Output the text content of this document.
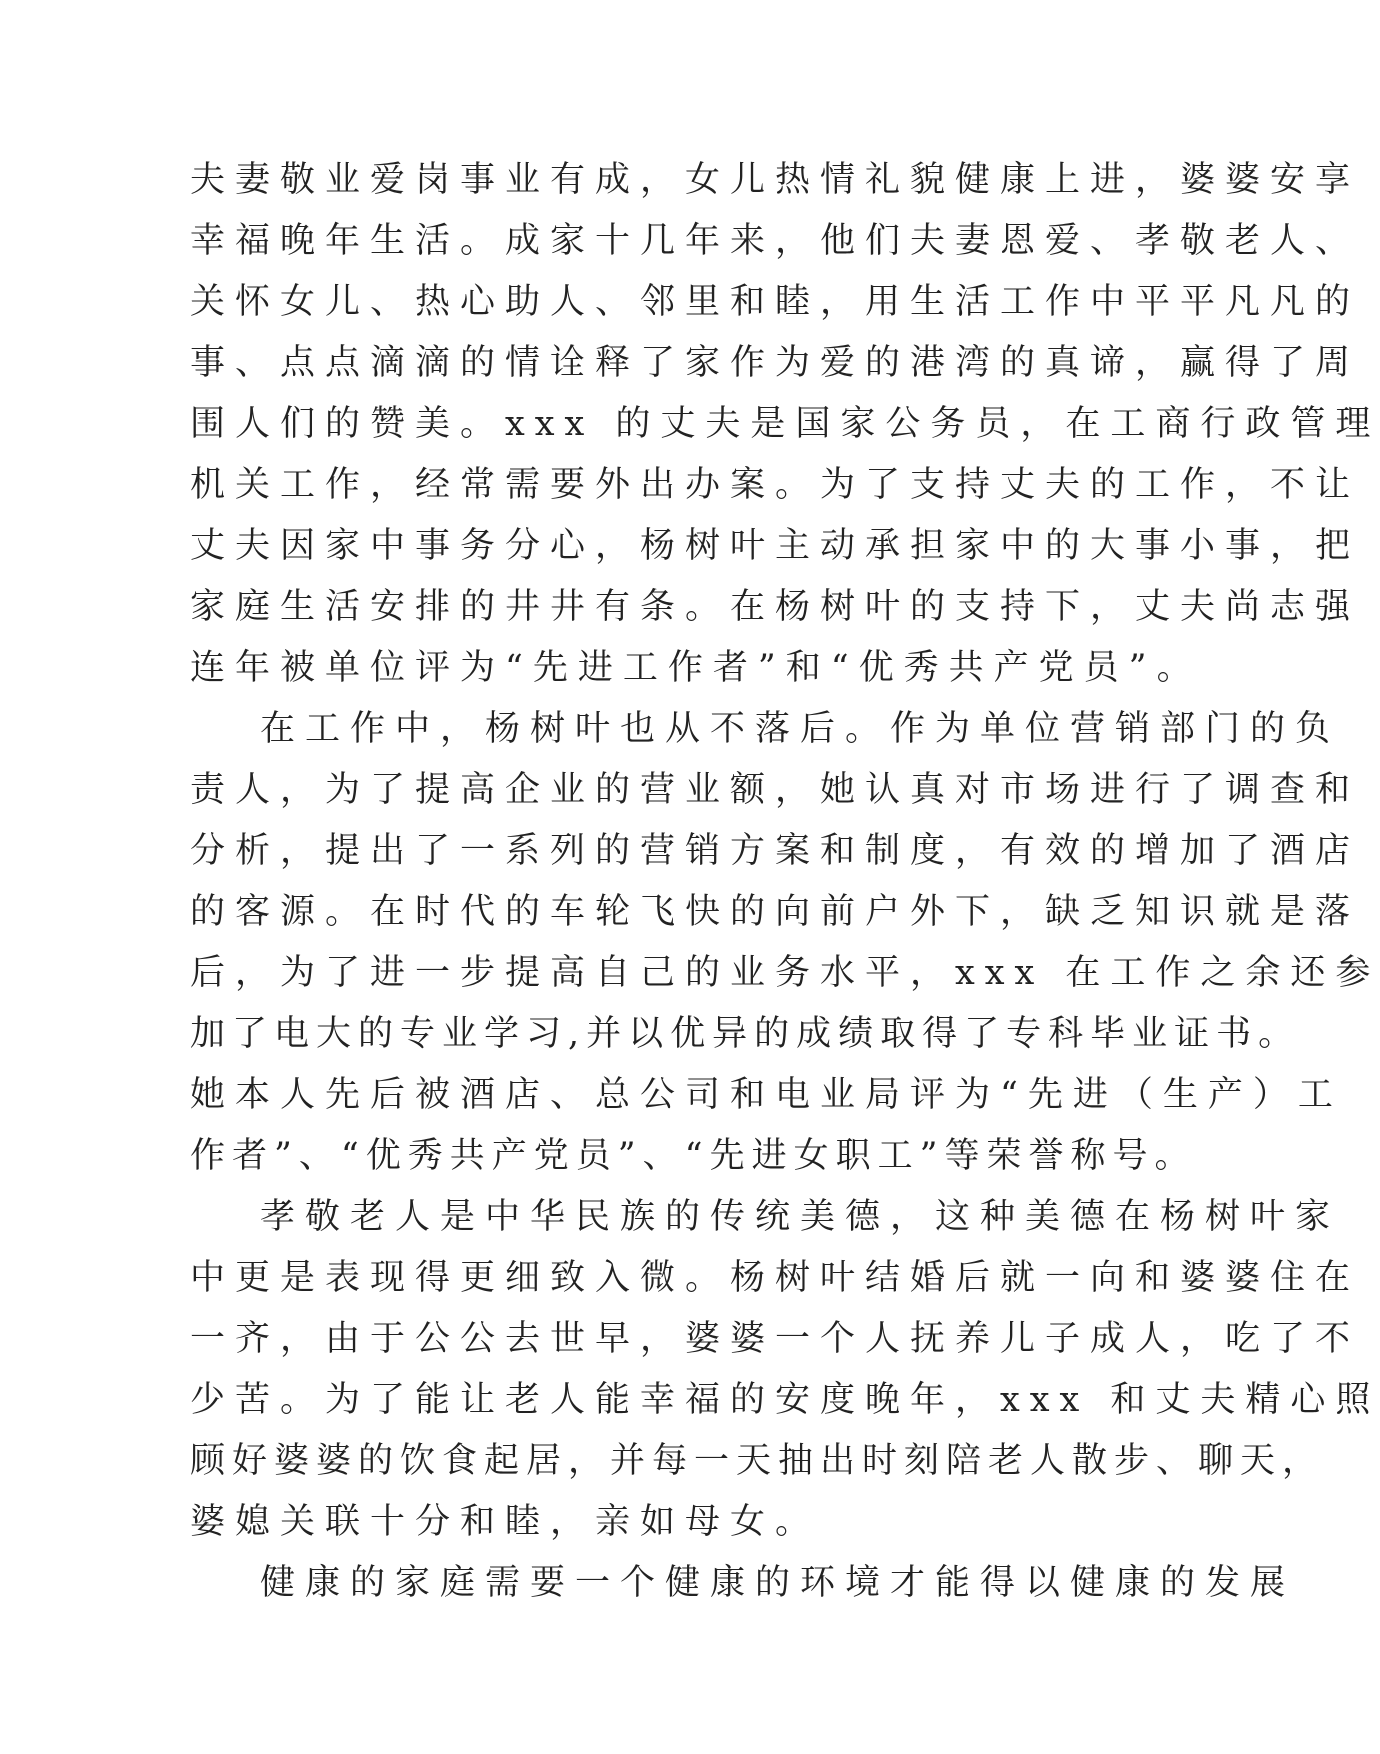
夫妻敬业爱岗事业有成，女儿热情礼貌健康上进，婆婆安享
幸福晚年生活。成家十几年来，他们夫妻恩爱、孝敬老人、
关怀女儿、热心助人、邻里和睦，用生活工作中平平凡凡的
事、点点滴滴的情诠释了家作为爱的港湾的真谛，赢得了周
围人们的赞美。xxx 的丈夫是国家公务员，在工商行政管理
机关工作，经常需要外出办案。为了支持丈夫的工作，不让
丈夫因家中事务分心，杨树叶主动承担家中的大事小事，把
家庭生活安排的井井有条。在杨树叶的支持下，丈夫尚志强
连年被单位评为“先进工作者”和“优秀共产党员”。
在工作中，杨树叶也从不落后。作为单位营销部门的负
责人，为了提高企业的营业额，她认真对市场进行了调查和
分析，提出了一系列的营销方案和制度，有效的增加了酒店
的客源。在时代的车轮飞快的向前户外下，缺乏知识就是落
后，为了进一步提高自己的业务水平，xxx 在工作之余还参
加了电大的专业学习,并以优异的成绩取得了专科毕业证书。
她本人先后被酒店、总公司和电业局评为“先进（生产）工
作者”、“优秀共产党员”、“先进女职工”等荣誉称号。
孝敬老人是中华民族的传统美德，这种美德在杨树叶家
中更是表现得更细致入微。杨树叶结婚后就一向和婆婆住在
一齐，由于公公去世早，婆婆一个人抚养儿子成人，吃了不
少苦。为了能让老人能幸福的安度晚年，xxx 和丈夫精心照
顾好婆婆的饮食起居，并每一天抽出时刻陪老人散步、聊天，
婆媳关联十分和睦，亲如母女。
健康的家庭需要一个健康的环境才能得以健康的发展
